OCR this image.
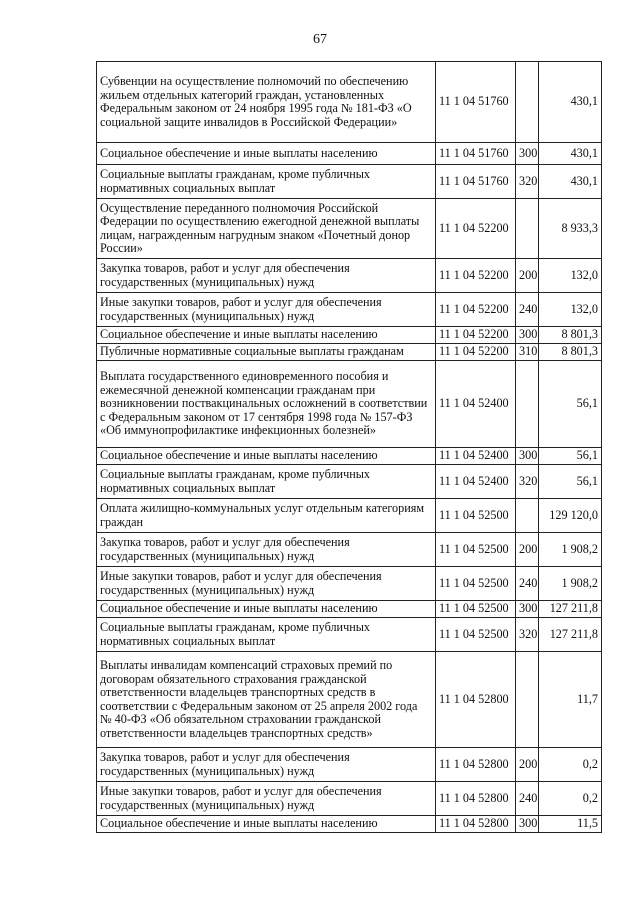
67
Субвенции на осуществление полномочий по обеспечению жильем отдельных категорий граждан, установленных Федеральным законом от 24 ноября 1995 года № 181-ФЗ «О социальной защите инвалидов в Российской Федерации»	11 1 04 51760		430,1
Социальное обеспечение и иные выплаты населению	11 1 04 51760	300	430,1
Социальные выплаты гражданам, кроме публичных нормативных социальных выплат	11 1 04 51760	320	430,1
Осуществление переданного полномочия Российской Федерации по осуществлению ежегодной денежной выплаты лицам, награжденным нагрудным знаком «Почетный донор России»	11 1 04 52200		8 933,3
Закупка товаров, работ и услуг для обеспечения государственных (муниципальных) нужд	11 1 04 52200	200	132,0
Иные закупки товаров, работ и услуг для обеспечения государственных (муниципальных) нужд	11 1 04 52200	240	132,0
Социальное обеспечение и иные выплаты населению	11 1 04 52200	300	8 801,3
Публичные нормативные социальные выплаты гражданам	11 1 04 52200	310	8 801,3
Выплата государственного единовременного пособия и ежемесячной денежной компенсации гражданам при возникновении поствакцинальных осложнений в соответствии с Федеральным законом от 17 сентября 1998 года № 157-ФЗ «Об иммунопрофилактике инфекционных болезней»	11 1 04 52400		56,1
Социальное обеспечение и иные выплаты населению	11 1 04 52400	300	56,1
Социальные выплаты гражданам, кроме публичных нормативных социальных выплат	11 1 04 52400	320	56,1
Оплата жилищно-коммунальных услуг отдельным категориям граждан	11 1 04 52500		129 120,0
Закупка товаров, работ и услуг для обеспечения государственных (муниципальных) нужд	11 1 04 52500	200	1 908,2
Иные закупки товаров, работ и услуг для обеспечения государственных (муниципальных) нужд	11 1 04 52500	240	1 908,2
Социальное обеспечение и иные выплаты населению	11 1 04 52500	300	127 211,8
Социальные выплаты гражданам, кроме публичных нормативных социальных выплат	11 1 04 52500	320	127 211,8
Выплаты инвалидам компенсаций страховых премий по договорам обязательного страхования гражданской ответственности владельцев транспортных средств в соответствии с Федеральным законом от 25 апреля 2002 года № 40-ФЗ «Об обязательном страховании гражданской ответственности владельцев транспортных средств»	11 1 04 52800		11,7
Закупка товаров, работ и услуг для обеспечения государственных (муниципальных) нужд	11 1 04 52800	200	0,2
Иные закупки товаров, работ и услуг для обеспечения государственных (муниципальных) нужд	11 1 04 52800	240	0,2
Социальное обеспечение и иные выплаты населению	11 1 04 52800	300	11,5
